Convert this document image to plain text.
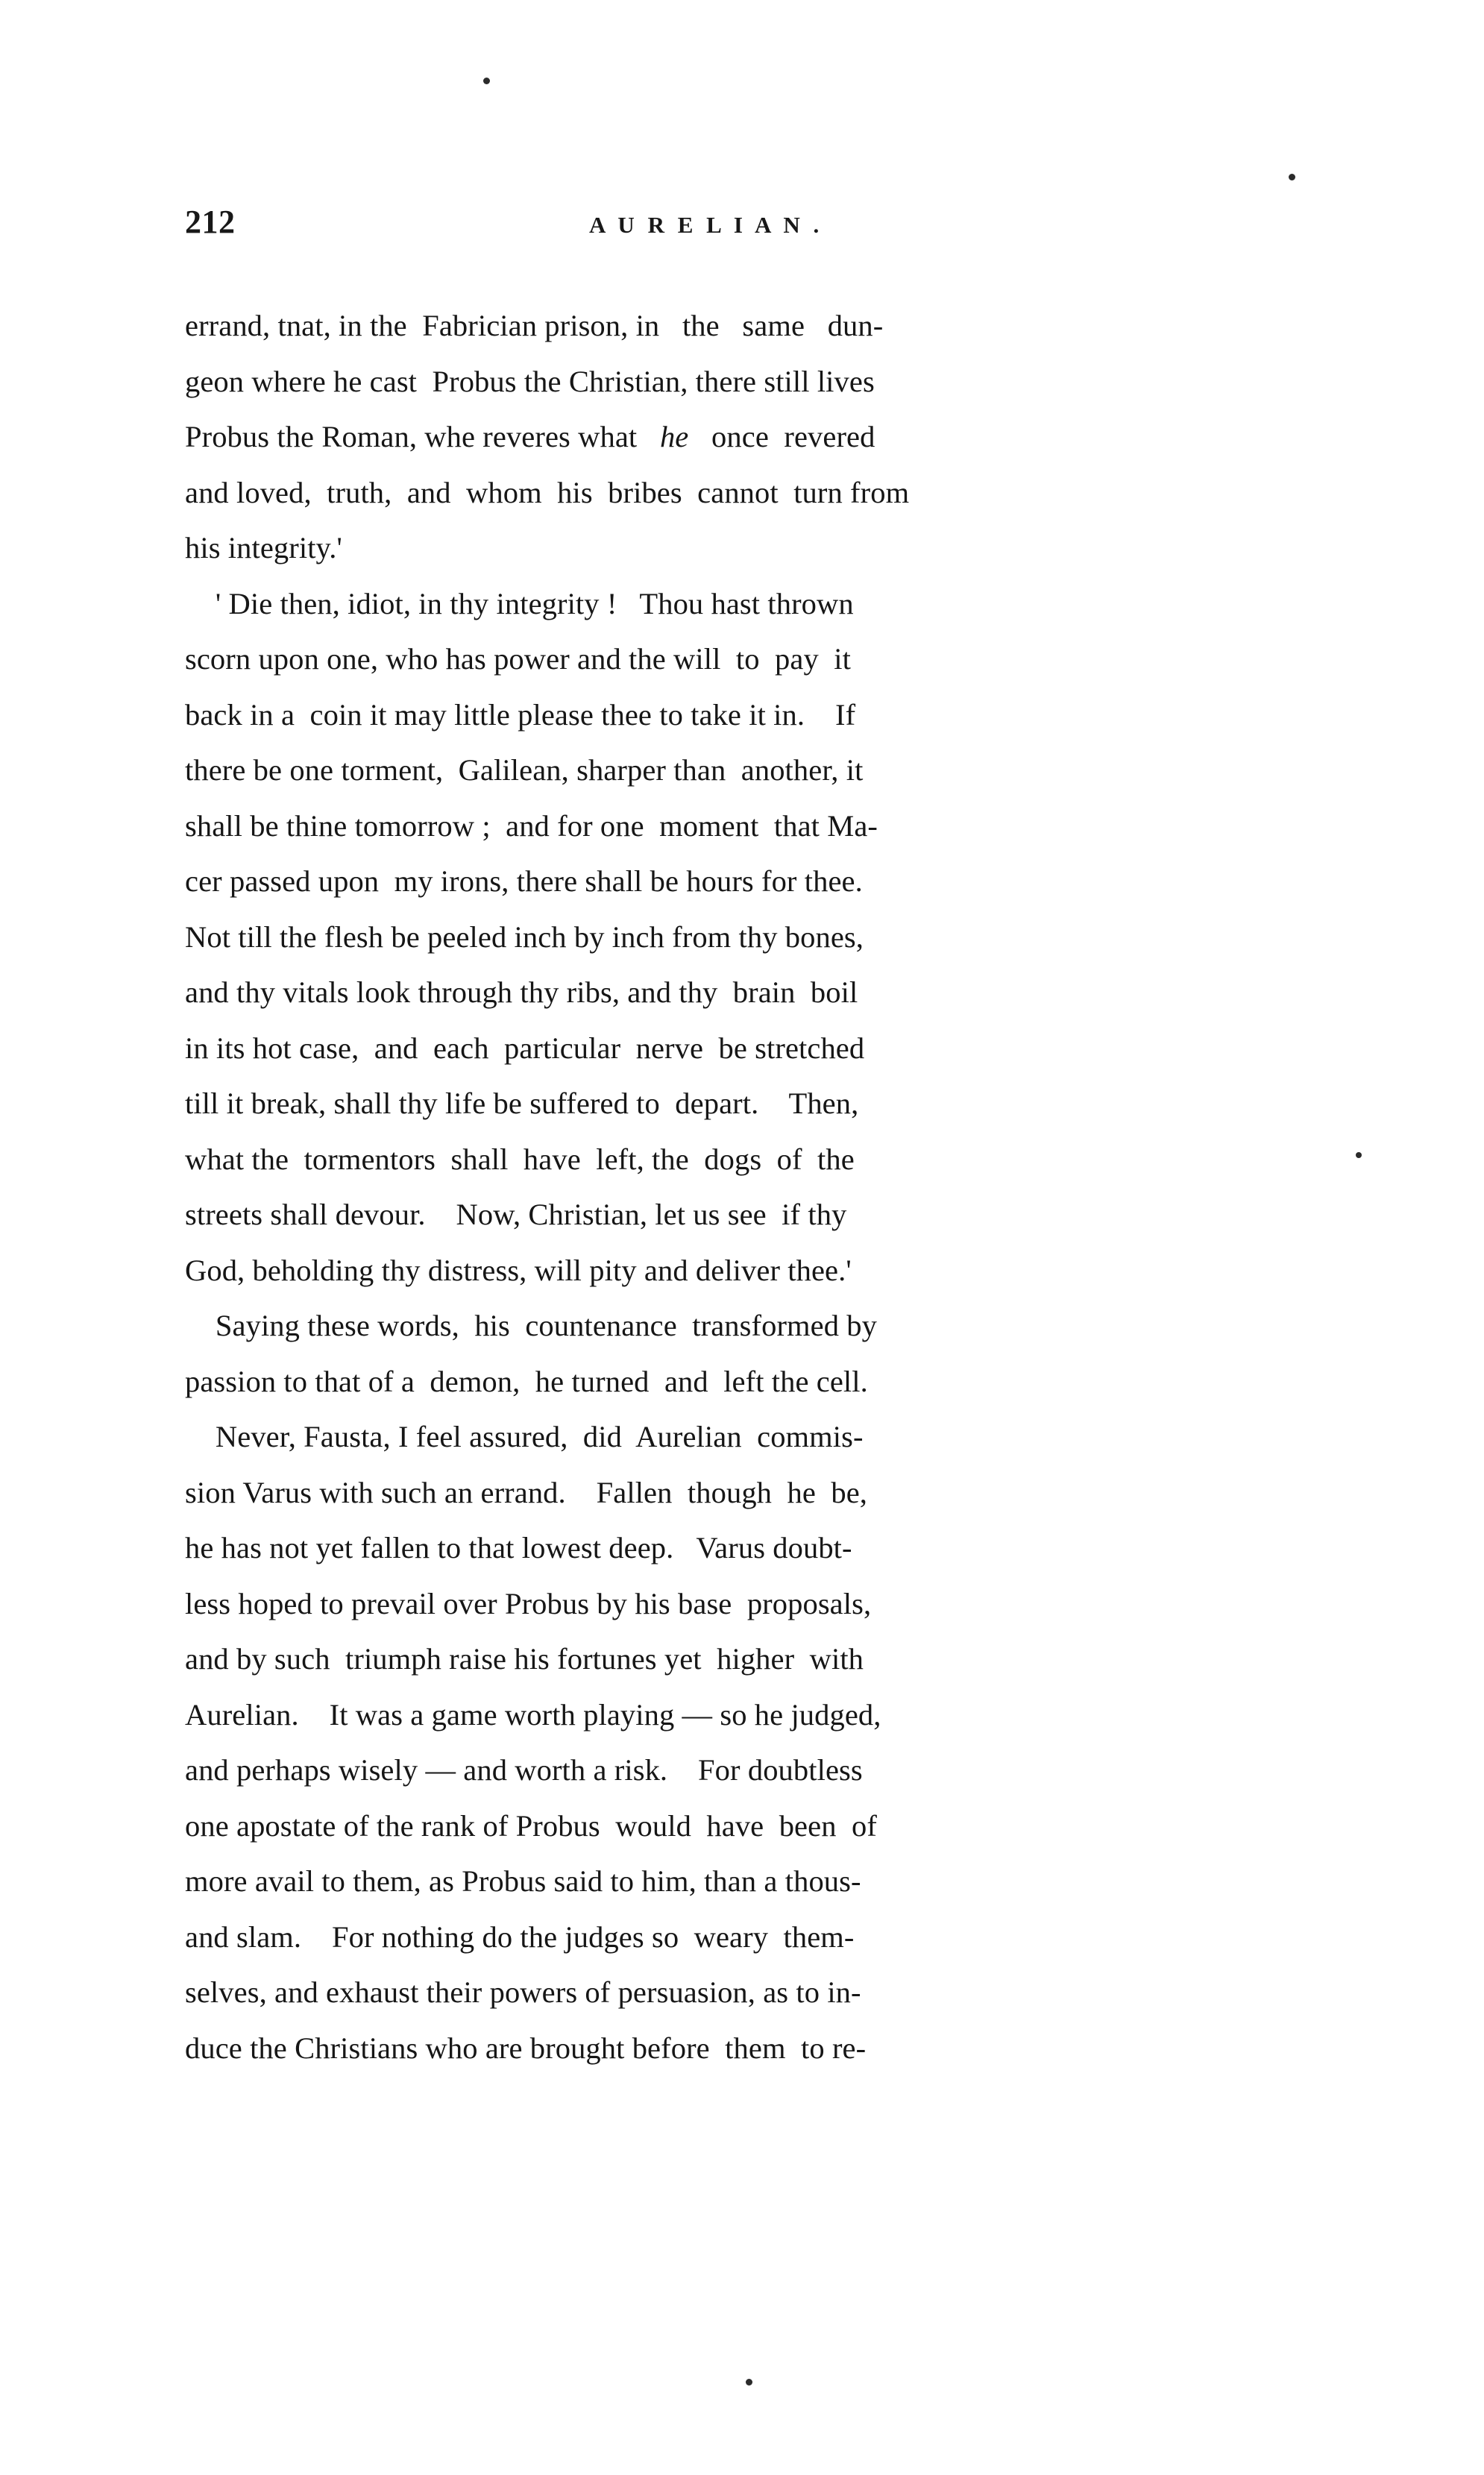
212	A U R E L I A N .
errand, tnat, in the  Fabrician prison, in   the   same   dun-
geon where he cast  Probus the Christian, there still lives
Probus the Roman, whe reveres what   he   once  revered
and loved,  truth,  and  whom  his  bribes  cannot  turn from
his integrity.'
' Die then, idiot, in thy integrity !   Thou hast thrown
scorn upon one, who has power and the will  to  pay  it
back in a  coin it may little please thee to take it in.    If
there be one torment,  Galilean, sharper than  another, it
shall be thine tomorrow ;  and for one  moment  that Ma-
cer passed upon  my irons, there shall be hours for thee.
Not till the flesh be peeled inch by inch from thy bones,
and thy vitals look through thy ribs, and thy  brain  boil
in its hot case,  and  each  particular  nerve  be stretched
till it break, shall thy life be suffered to  depart.    Then,
what the  tormentors  shall  have  left, the  dogs  of  the
streets shall devour.    Now, Christian, let us see  if thy
God, beholding thy distress, will pity and deliver thee.'
Saying these words,  his  countenance  transformed by
passion to that of a  demon,  he turned  and  left the cell.
Never, Fausta, I feel assured,  did  Aurelian  commis-
sion Varus with such an errand.    Fallen  though  he  be,
he has not yet fallen to that lowest deep.   Varus doubt-
less hoped to prevail over Probus by his base  proposals,
and by such  triumph raise his fortunes yet  higher  with
Aurelian.    It was a game worth playing — so he judged,
and perhaps wisely — and worth a risk.    For doubtless
one apostate of the rank of Probus  would  have  been  of
more avail to them, as Probus said to him, than a thous-
and slam.    For nothing do the judges so  weary  them-
selves, and exhaust their powers of persuasion, as to in-
duce the Christians who are brought before  them  to re-
